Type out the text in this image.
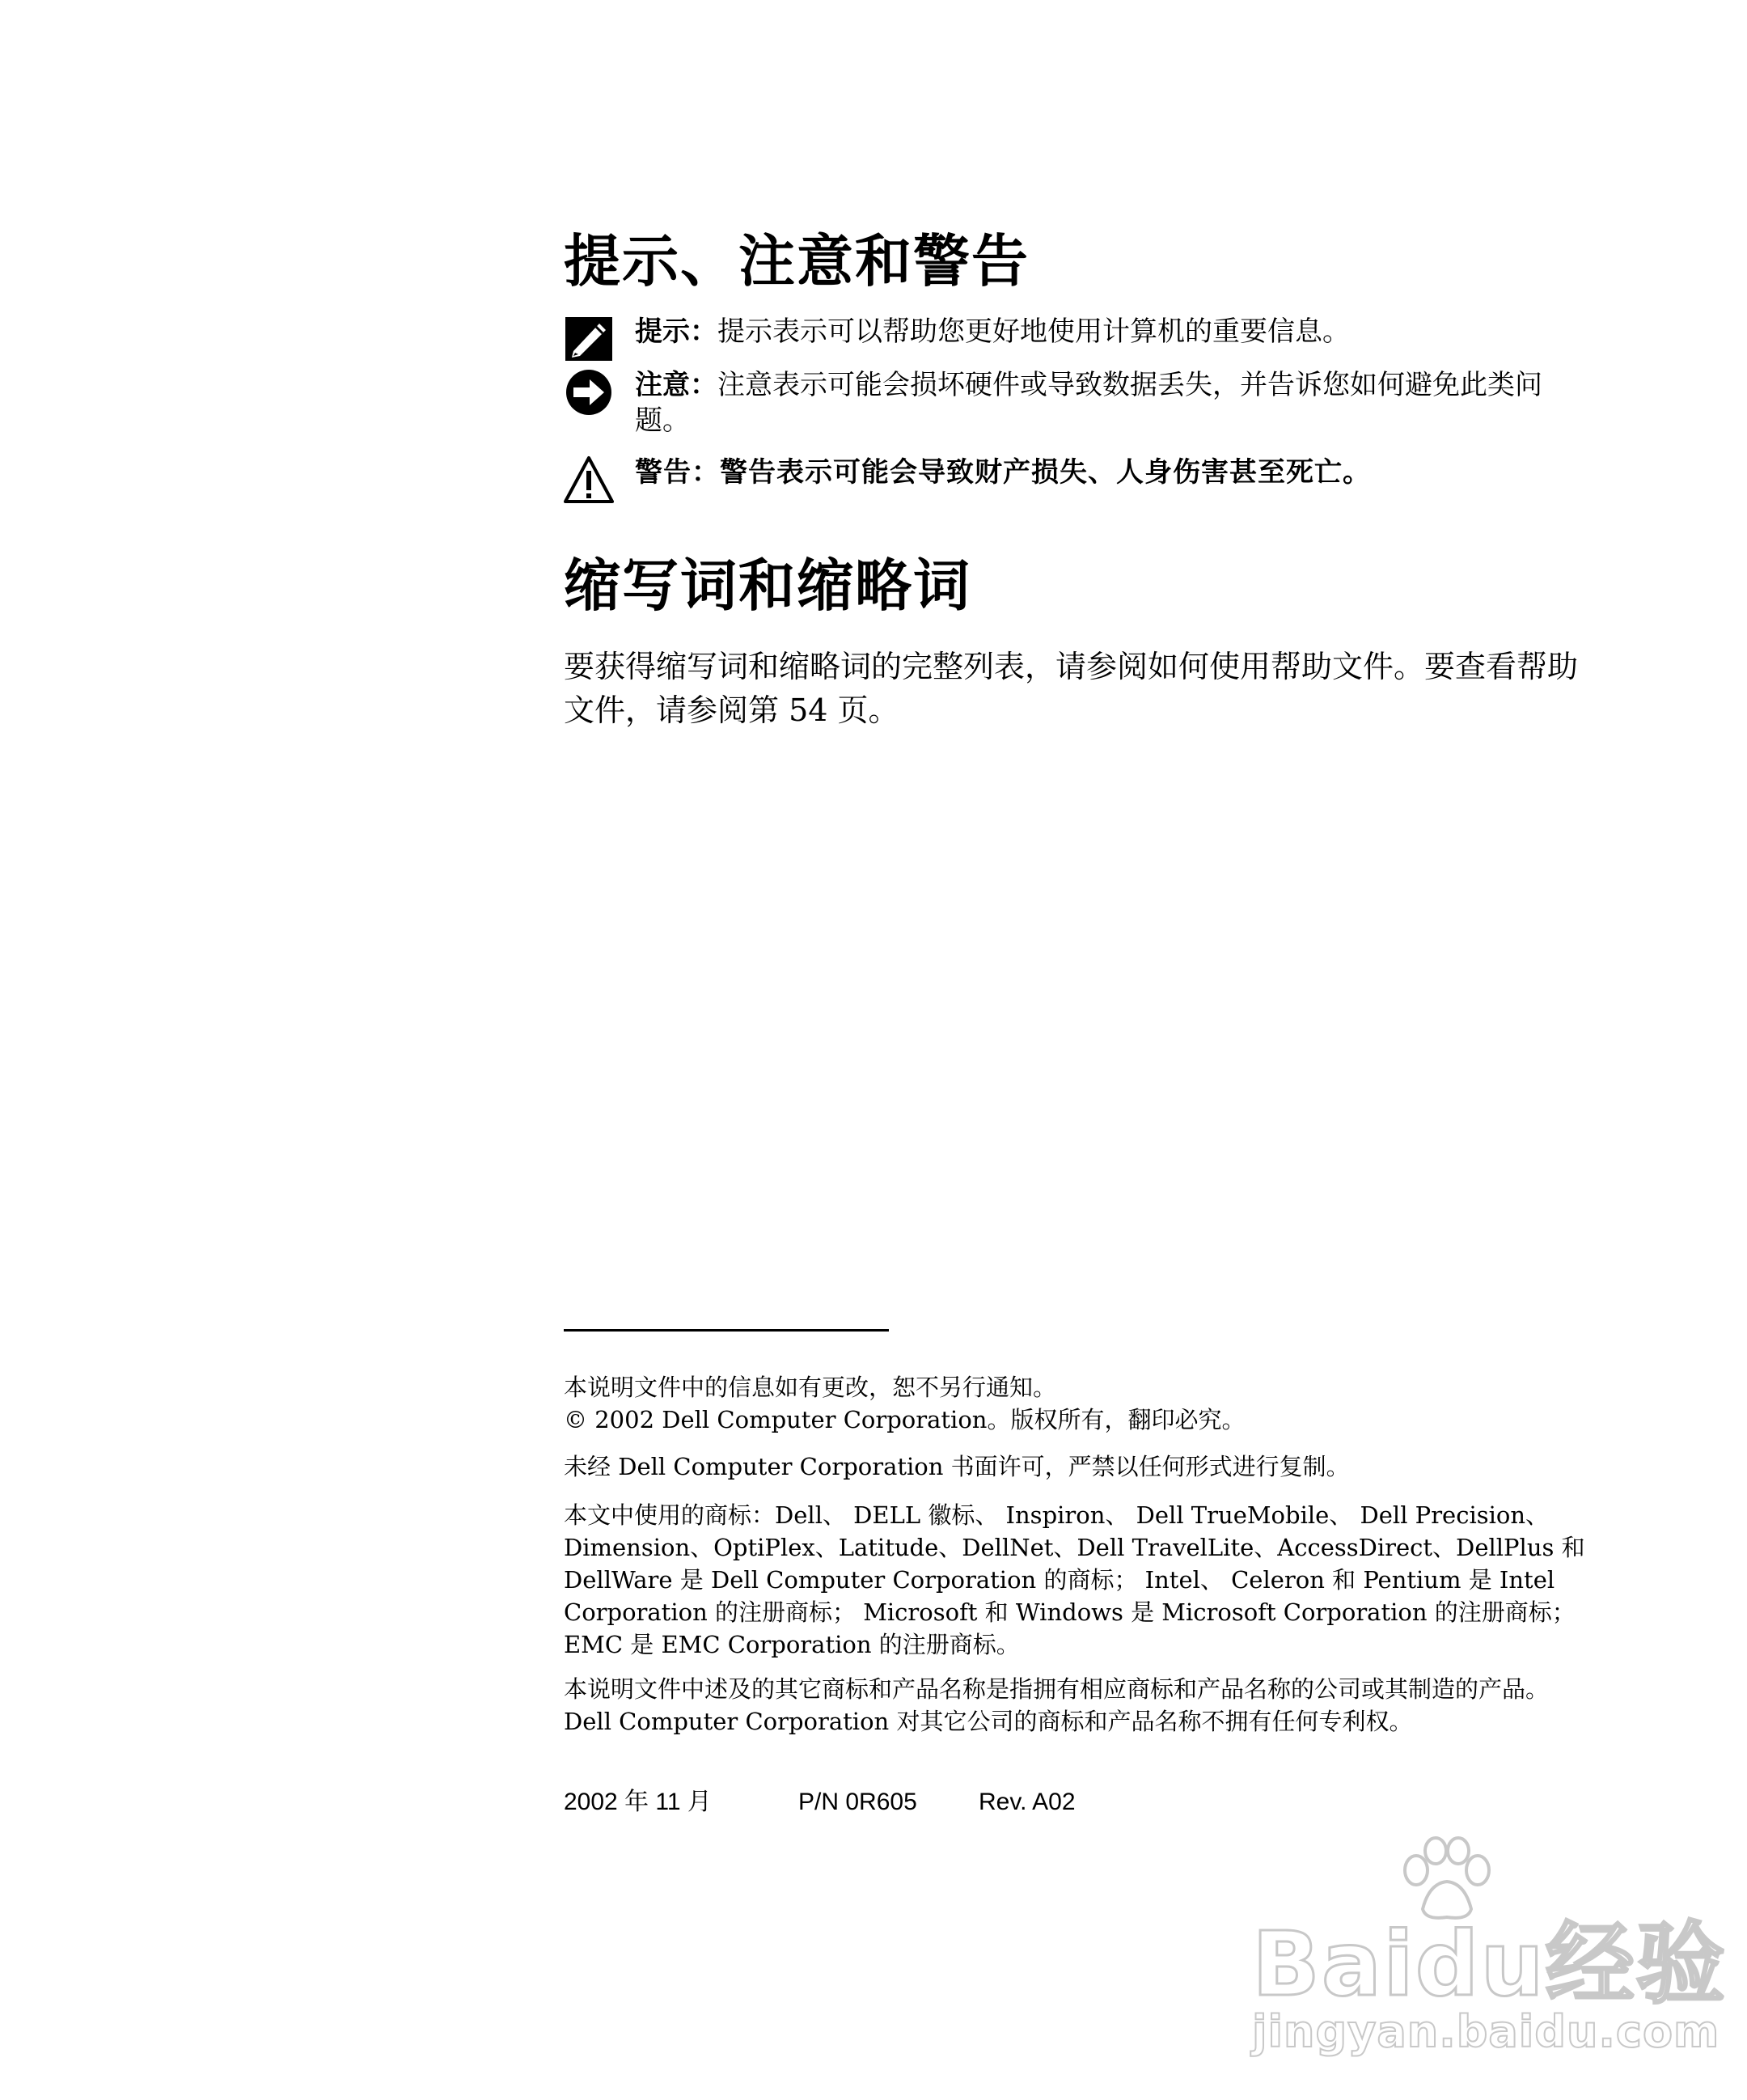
提示、注意和警告
提示：提示表示可以帮助您更好地使用计算机的重要信息。
注意：注意表示可能会损坏硬件或导致数据丢失，并告诉您如何避免此类问题。
警告：警告表示可能会导致财产损失、人身伤害甚至死亡。
缩写词和缩略词
要获得缩写词和缩略词的完整列表，请参阅如何使用帮助文件。要查看帮助文件，请参阅第 54 页。
本说明文件中的信息如有更改，恕不另行通知。
© 2002 Dell Computer Corporation。版权所有，翻印必究。
未经 Dell Computer Corporation 书面许可，严禁以任何形式进行复制。
本文中使用的商标：Dell、 DELL 徽标、 Inspiron、 Dell TrueMobile、 Dell Precision、 Dimension、OptiPlex、Latitude、DellNet、Dell TravelLite、AccessDirect、DellPlus 和 DellWare 是 Dell Computer Corporation 的商标； Intel、 Celeron 和 Pentium 是 Intel Corporation 的注册商标； Microsoft 和 Windows 是 Microsoft Corporation 的注册商标； EMC 是 EMC Corporation 的注册商标。
本说明文件中述及的其它商标和产品名称是指拥有相应商标和产品名称的公司或其制造的产品。 Dell Computer Corporation 对其它公司的商标和产品名称不拥有任何专利权。
2002 年 11 月	P/N 0R605	Rev. A02
Baidu经验
jingyan.baidu.com
